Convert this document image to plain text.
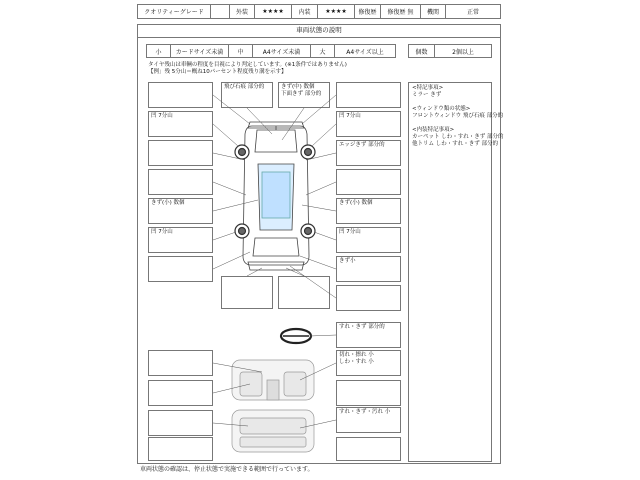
クオリティーグレード	外装	★★★★	内装	★★★★	修復歴	修復歴 無	機関	正常
車両状態の説明
小	カードサイズ未満	中	A4サイズ未満	大	A4サイズ以上	個数	2個以上
タイヤ残山は車輌の程度を目視により判定しています。(※1条件ではありません)
【例」残 5分山＝概ね10パーセント程度残り溝を示す】
凹 7分山
きず(小) 数個
凹 7分山
飛び石痕 部分的	きず(中) 数個
下面きず 部分的
凹 7分山
エッジきず 部分的
きず(小) 数個
凹 7分山
きず小
すれ・きず 部分的
切れ・擦れ 小
しわ・すれ 小
すれ・きず・汚れ 小
<特記事項>
ミラー きず
<ウィンドウ類の状態>
フロントウィンドウ 飛び石痕 部分的
<内装特記事項>
カーペット しわ・すれ・きず 部分的
他トリム しわ・すれ・きず 部分的
車両状態の確認は、停止状態で実施できる範囲で行っています。
